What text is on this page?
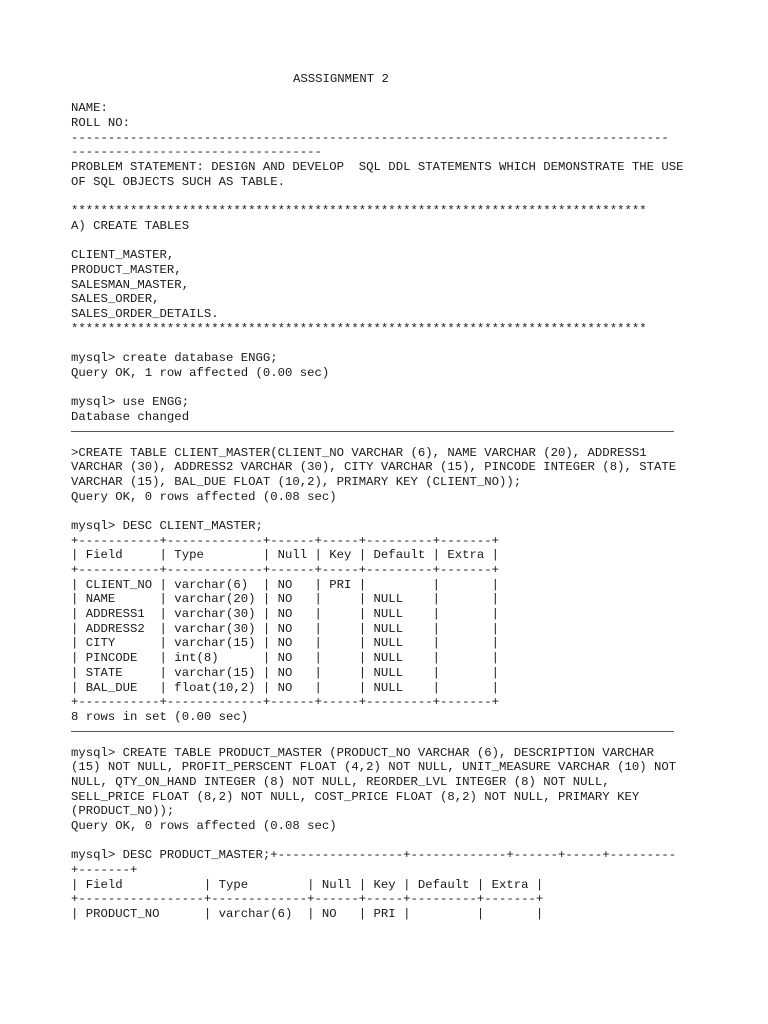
ASSSIGNMENT 2
NAME:
ROLL NO:
---------------------------------------------------------------------------------
----------------------------------
PROBLEM STATEMENT: DESIGN AND DEVELOP  SQL DDL STATEMENTS WHICH DEMONSTRATE THE USE
OF SQL OBJECTS SUCH AS TABLE.
******************************************************************************
A) CREATE TABLES
CLIENT_MASTER,
PRODUCT_MASTER,
SALESMAN_MASTER,
SALES_ORDER,
SALES_ORDER_DETAILS.
******************************************************************************
mysql> create database ENGG;
Query OK, 1 row affected (0.00 sec)
mysql> use ENGG;
Database changed
>CREATE TABLE CLIENT_MASTER(CLIENT_NO VARCHAR (6), NAME VARCHAR (20), ADDRESS1
VARCHAR (30), ADDRESS2 VARCHAR (30), CITY VARCHAR (15), PINCODE INTEGER (8), STATE
VARCHAR (15), BAL_DUE FLOAT (10,2), PRIMARY KEY (CLIENT_NO));
Query OK, 0 rows affected (0.08 sec)
mysql> DESC CLIENT_MASTER;
+-----------+-------------+------+-----+---------+-------+
| Field     | Type        | Null | Key | Default | Extra |
+-----------+-------------+------+-----+---------+-------+
| CLIENT_NO | varchar(6)  | NO   | PRI |         |       |
| NAME      | varchar(20) | NO   |     | NULL    |       |
| ADDRESS1  | varchar(30) | NO   |     | NULL    |       |
| ADDRESS2  | varchar(30) | NO   |     | NULL    |       |
| CITY      | varchar(15) | NO   |     | NULL    |       |
| PINCODE   | int(8)      | NO   |     | NULL    |       |
| STATE     | varchar(15) | NO   |     | NULL    |       |
| BAL_DUE   | float(10,2) | NO   |     | NULL    |       |
+-----------+-------------+------+-----+---------+-------+
8 rows in set (0.00 sec)
mysql> CREATE TABLE PRODUCT_MASTER (PRODUCT_NO VARCHAR (6), DESCRIPTION VARCHAR
(15) NOT NULL, PROFIT_PERSCENT FLOAT (4,2) NOT NULL, UNIT_MEASURE VARCHAR (10) NOT
NULL, QTY_ON_HAND INTEGER (8) NOT NULL, REORDER_LVL INTEGER (8) NOT NULL,
SELL_PRICE FLOAT (8,2) NOT NULL, COST_PRICE FLOAT (8,2) NOT NULL, PRIMARY KEY
(PRODUCT_NO));
Query OK, 0 rows affected (0.08 sec)
mysql> DESC PRODUCT_MASTER;+-----------------+-------------+------+-----+---------
+-------+
| Field           | Type        | Null | Key | Default | Extra |
+-----------------+-------------+------+-----+---------+-------+
| PRODUCT_NO      | varchar(6)  | NO   | PRI |         |       |
